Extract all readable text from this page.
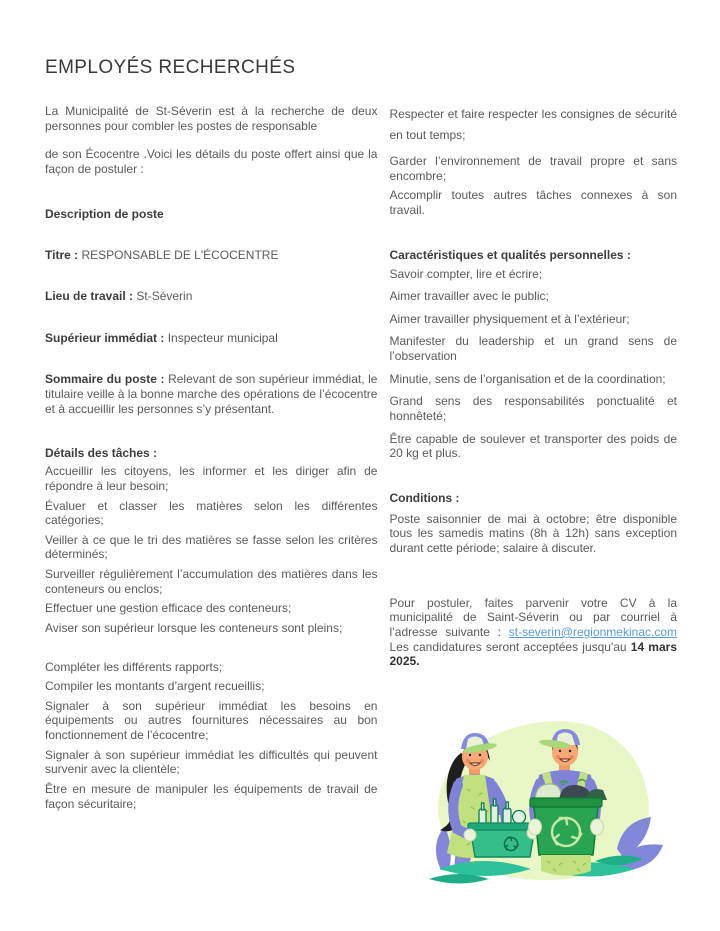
EMPLOYÉS RECHERCHÉS

La Municipalité de St-Séverin est à la recherche de deux personnes pour combler les postes de responsable

de son Écocentre .Voici les détails du poste offert ainsi que la façon de postuler :

Description de poste

Titre : RESPONSABLE DE L'ÉCOCENTRE

Lieu de travail : St-Séverin

Supérieur immédiat : Inspecteur municipal

Sommaire du poste : Relevant de son supérieur immédiat, le titulaire veille à la bonne marche des opérations de l’écocentre et à accueillir les personnes s’y présentant.

Détails des tâches :

Accueillir les citoyens, les informer et les diriger afin de répondre à leur besoin;

Évaluer et classer les matières selon les différentes catégories;

Veiller à ce que le tri des matières se fasse selon les critères déterminés;

Surveiller régulièrement l’accumulation des matières dans les conteneurs ou enclos;

Effectuer une gestion efficace des conteneurs;

Aviser son supérieur lorsque les conteneurs sont pleins;

Compléter les différents rapports;

Compiler les montants d’argent recueillis;

Signaler à son supérieur immédiat les besoins en équipements ou autres fournitures nécessaires au bon fonctionnement de l’écocentre;

Signaler à son supérieur immédiat les difficultés qui peuvent survenir avec la clientèle;

Être en mesure de manipuler les équipements de travail de façon sécuritaire;

Respecter et faire respecter les consignes de sécurité en tout temps;

Garder l’environnement de travail propre et sans encombre;

Accomplir toutes autres tâches connexes à son travail.

Caractéristiques et qualités personnelles :

Savoir compter, lire et écrire;

Aimer travailler avec le public;

Aimer travailler physiquement et à l’extérieur;

Manifester du leadership et un grand sens de l’observation

Minutie, sens de l’organisation et de la coordination;

Grand sens des responsabilités ponctualité et honnêteté;

Être capable de soulever et transporter des poids de 20 kg et plus.

Conditions :

Poste saisonnier de mai à octobre; être disponible tous les samedis matins (8h à 12h) sans exception durant cette période; salaire à discuter.

Pour postuler, faites parvenir votre CV à la municipalité de Saint-Séverin ou par courriel à l’adresse suivante : st-severin@regionmekinac.com Les candidatures seront acceptées jusqu'au 14 mars 2025.
